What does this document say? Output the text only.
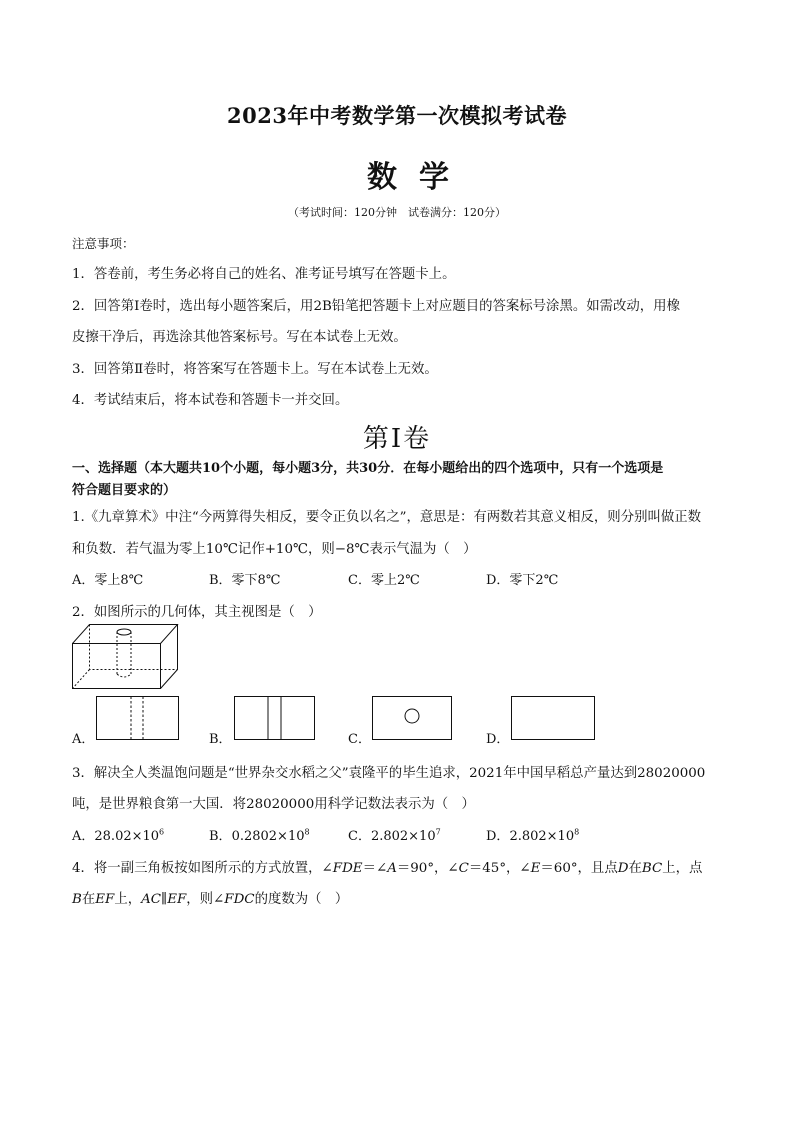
2023年中考数学第一次模拟考试卷
数学
（考试时间：120分钟　试卷满分：120分）
注意事项：
1．答卷前，考生务必将自己的姓名、准考证号填写在答题卡上。
2．回答第Ⅰ卷时，选出每小题答案后，用2B铅笔把答题卡上对应题目的答案标号涂黑。如需改动，用橡
皮擦干净后，再选涂其他答案标号。写在本试卷上无效。
3．回答第Ⅱ卷时，将答案写在答题卡上。写在本试卷上无效。
4．考试结束后，将本试卷和答题卡一并交回。
第Ⅰ卷
一、选择题（本大题共10个小题，每小题3分，共30分．在每小题给出的四个选项中，只有一个选项是
符合题目要求的）
1.《九章算术》中注“今两算得失相反，要令正负以名之”，意思是：有两数若其意义相反，则分别叫做正数
和负数．若气温为零上10℃记作+10℃，则−8℃表示气温为（　）
A．零上8℃	B．零下8℃	C．零上2℃	D．零下2℃
2．如图所示的几何体，其主视图是（　）
A．	B．	C．	D．
3．解决全人类温饱问题是“世界杂交水稻之父”袁隆平的毕生追求，2021年中国早稻总产量达到28020000
吨，是世界粮食第一大国．将28020000用科学记数法表示为（　）
A．$28.02\times 10^6$	B．$0.2802\times 10^8$	C．$2.802\times 10^7$	D．$2.802\times 10^8$
4．将一副三角板按如图所示的方式放置，∠FDE＝∠A＝90°，∠C＝45°，∠E＝60°，且点D在BC上，点
B在EF上，AC∥EF，则∠FDC的度数为（　）
